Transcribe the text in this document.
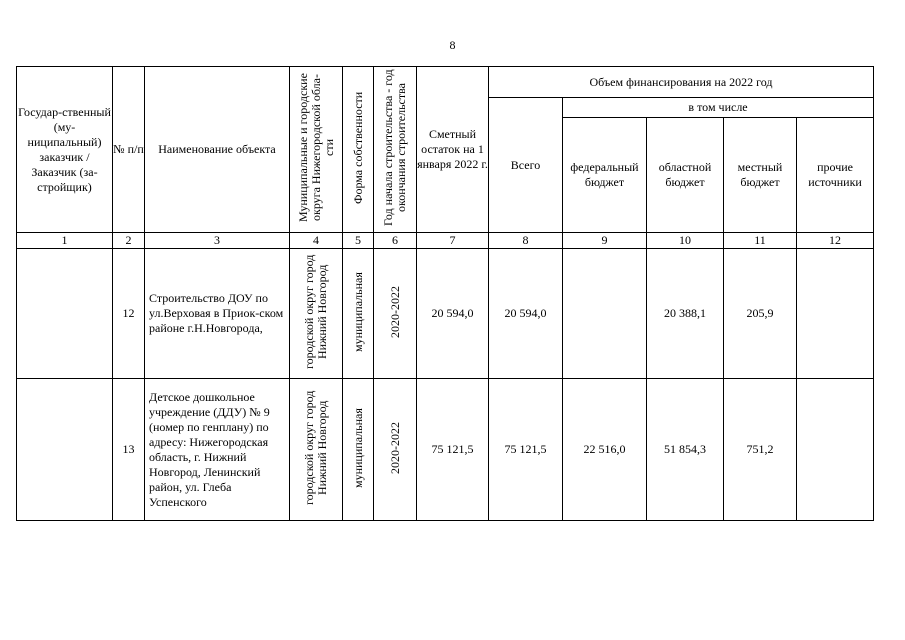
8
Государ-ственный (му-ниципальный) заказчик / Заказчик (за-стройщик)	№ п/п	Наименование объекта	Муниципальные и городские округа Нижегородской обла-сти	Форма собственности	Год начала строительства - год окончания строительства	Сметный остаток на 1 января 2022 г.	Объем финансирования на 2022 год				
							Всего	в том числе			
								федеральный бюджет	областной бюджет	местный бюджет	прочие источники
1	2	3	4	5	6	7	8	9	10	11	12
	12	Строительство ДОУ по ул.Верховая в Приок-ском районе г.Н.Новгорода,	городской округ город Нижний Новгород	муниципальная	2020-2022	20 594,0	20 594,0		20 388,1	205,9	
	13	Детское дошкольное учреждение (ДДУ) № 9 (номер по генплану) по адресу: Нижегородская область, г. Нижний Новгород, Ленинский район, ул. Глеба Успенского	городской округ город Нижний Новгород	муниципальная	2020-2022	75 121,5	75 121,5	22 516,0	51 854,3	751,2	
